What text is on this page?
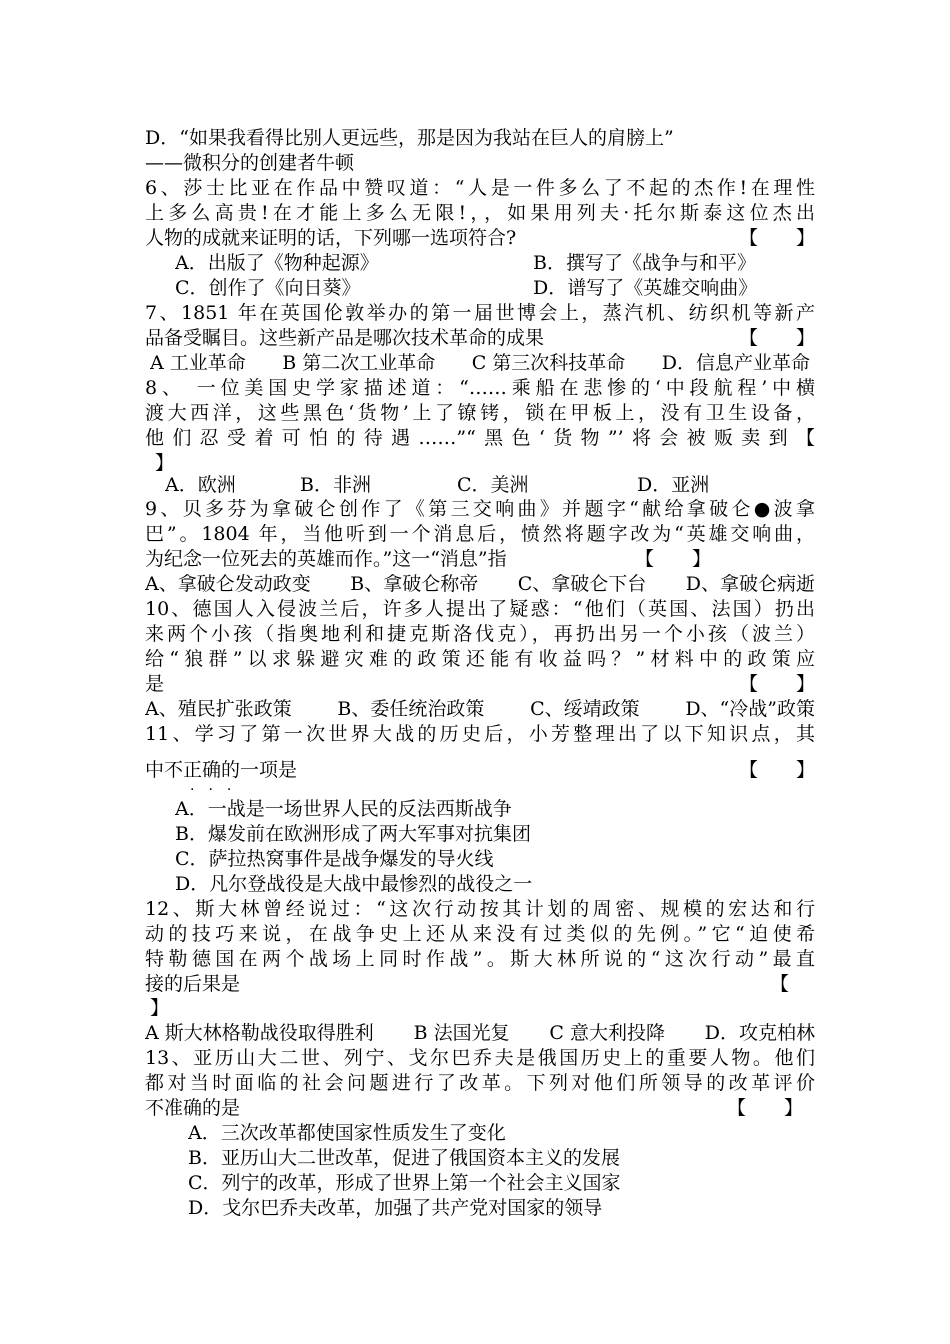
D．“如果我看得比别人更远些，那是因为我站在巨人的肩膀上”
——微积分的创建者牛顿
6、莎士比亚在作品中赞叹道：“人是一件多么了不起的杰作!在理性
上多么高贵!在才能上多么无限!，，如果用列夫·托尔斯泰这位杰出
人物的成就来证明的话，下列哪一选项符合?	【　　】
A．出版了《物种起源》	B．撰写了《战争与和平》
C．创作了《向日葵》	D．谱写了《英雄交响曲》
7、1851 年在英国伦敦举办的第一届世博会上，蒸汽机、纺织机等新产
品备受瞩目。这些新产品是哪次技术革命的成果	【　　】
A 工业革命 B 第二次工业革命 C 第三次科技革命 D．信息产业革命
8、 一位美国史学家描述道：“……乘船在悲惨的‘中段航程’中横
渡大西洋，这些黑色‘货物’上了镣铐，锁在甲板上，没有卫生设备，
他们忍受着可怕的待遇……”“黑色‘货物”’将会被贩卖到【
】
A．欧洲	B．非洲	C．美洲	D．亚洲
9、贝多芬为拿破仑创作了《第三交响曲》并题字“献给拿破仑●波拿
巴”。1804 年，当他听到一个消息后，愤然将题字改为“英雄交响曲，
为纪念一位死去的英雄而作。”这一“消息”指	【　　】
A、拿破仑发动政变 B、拿破仑称帝 C、拿破仑下台 D、拿破仑病逝
10、德国人入侵波兰后，许多人提出了疑惑：“他们（英国、法国）扔出
来两个小孩（指奥地利和捷克斯洛伐克），再扔出另一个小孩（波兰）
给“狼群”以求躲避灾难的政策还能有收益吗？”材料中的政策应
是	【　　】
A、殖民扩张政策 B、委任统治政策 C、绥靖政策 D、“冷战”政策
11、学习了第一次世界大战的历史后，小芳整理出了以下知识点，其
中不正确的一项是	【　　】
···
A．一战是一场世界人民的反法西斯战争
B．爆发前在欧洲形成了两大军事对抗集团
C．萨拉热窝事件是战争爆发的导火线
D．凡尔登战役是大战中最惨烈的战役之一
12、斯大林曾经说过：“这次行动按其计划的周密、规模的宏达和行
动的技巧来说，在战争史上还从来没有过类似的先例。”它“迫使希
特勒德国在两个战场上同时作战”。斯大林所说的“这次行动”最直
接的后果是	【
】
A 斯大林格勒战役取得胜利 B 法国光复 C 意大利投降 D．攻克柏林
13、亚历山大二世、列宁、戈尔巴乔夫是俄国历史上的重要人物。他们
都对当时面临的社会问题进行了改革。下列对他们所领导的改革评价
不准确的是	【　　】
A．三次改革都使国家性质发生了变化
B．亚历山大二世改革，促进了俄国资本主义的发展
C．列宁的改革，形成了世界上第一个社会主义国家
D．戈尔巴乔夫改革，加强了共产党对国家的领导
